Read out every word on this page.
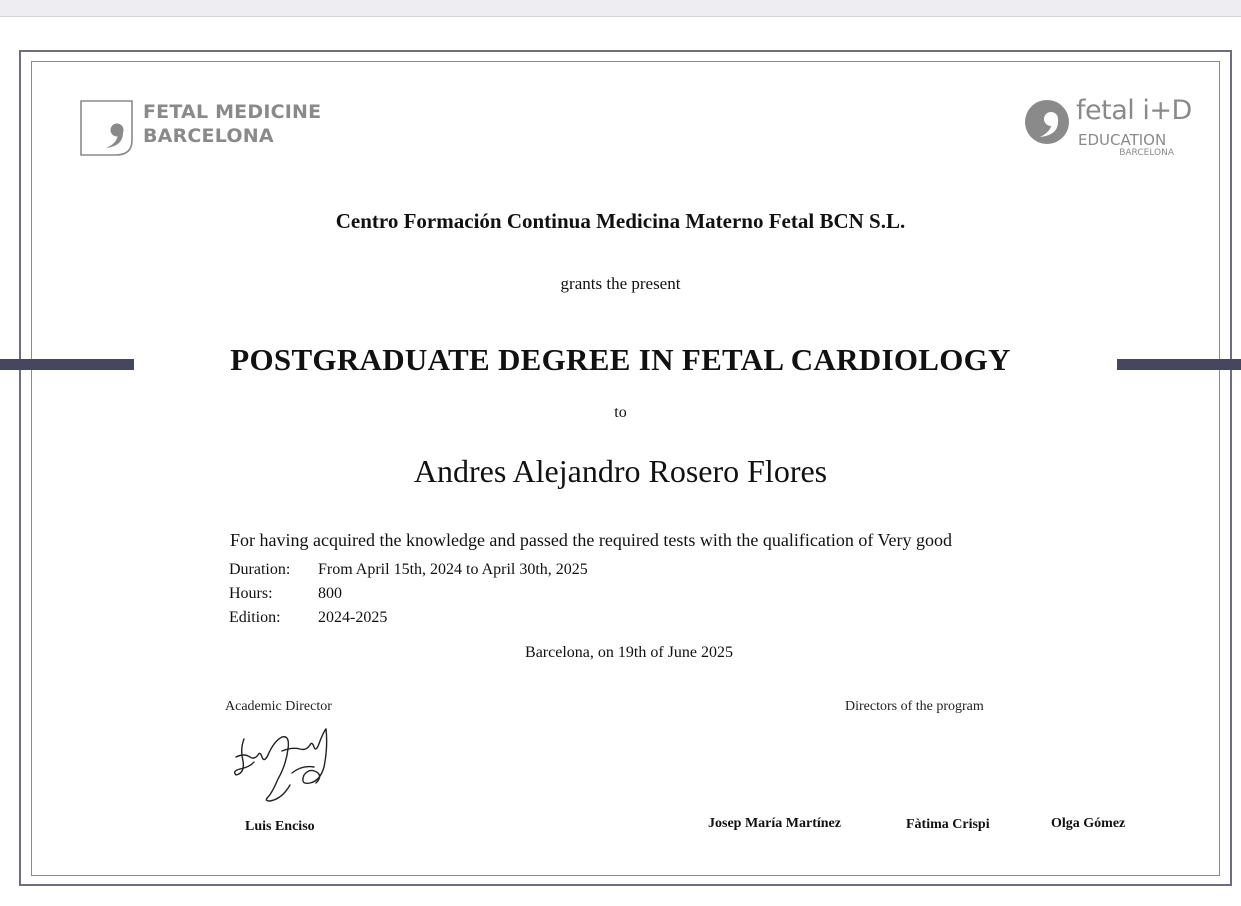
FETAL MEDICINE
BARCELONA
fetal i+D
EDUCATION
BARCELONA
Centro Formación Continua Medicina Materno Fetal BCN S.L.
grants the present
POSTGRADUATE DEGREE IN FETAL CARDIOLOGY
to
Andres Alejandro Rosero Flores
For having acquired the knowledge and passed the required tests with the qualification of Very good
Duration: From April 15th, 2024 to April 30th, 2025
Hours:	800
Edition: 2024-2025
Barcelona, on 19th of June 2025
Academic Director	Directors of the program
Luis Enciso	Josep María Martínez	Fàtima Crispi	Olga Gómez
